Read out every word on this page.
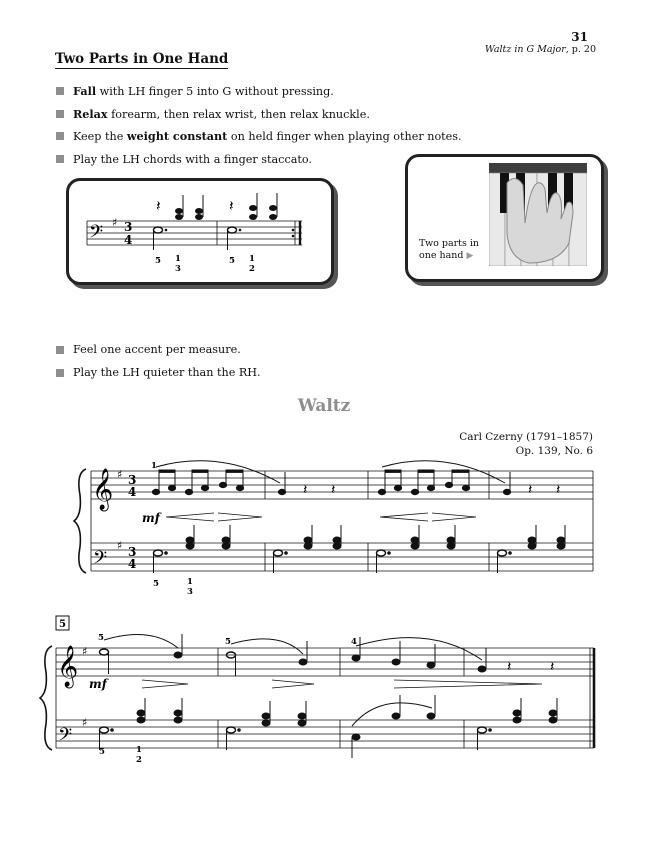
31
Waltz in G Major, p. 20
Two Parts in One Hand
Fall with LH finger 5 into G without pressing.
Relax forearm, then relax wrist, then relax knuckle.
Keep the weight constant on held finger when playing other notes.
Play the LH chords with a finger staccato.
𝄢 ♯ 3
4
𝄽
5 1
3
𝄽
5 1
2
Two parts in
one hand ▶
Feel one accent per measure.
Play the LH quieter than the RH.
Waltz
Carl Czerny (1791–1857)
Op. 139, No. 6
𝄞 ♯ 3
4
𝄢
♯ 3
4
1
𝄽 𝄽	𝄽 𝄽
mf
5	1
3
5
𝄞 ♯
𝄢
♯
5	5	4
𝄽	𝄽
mf
5	1
2
